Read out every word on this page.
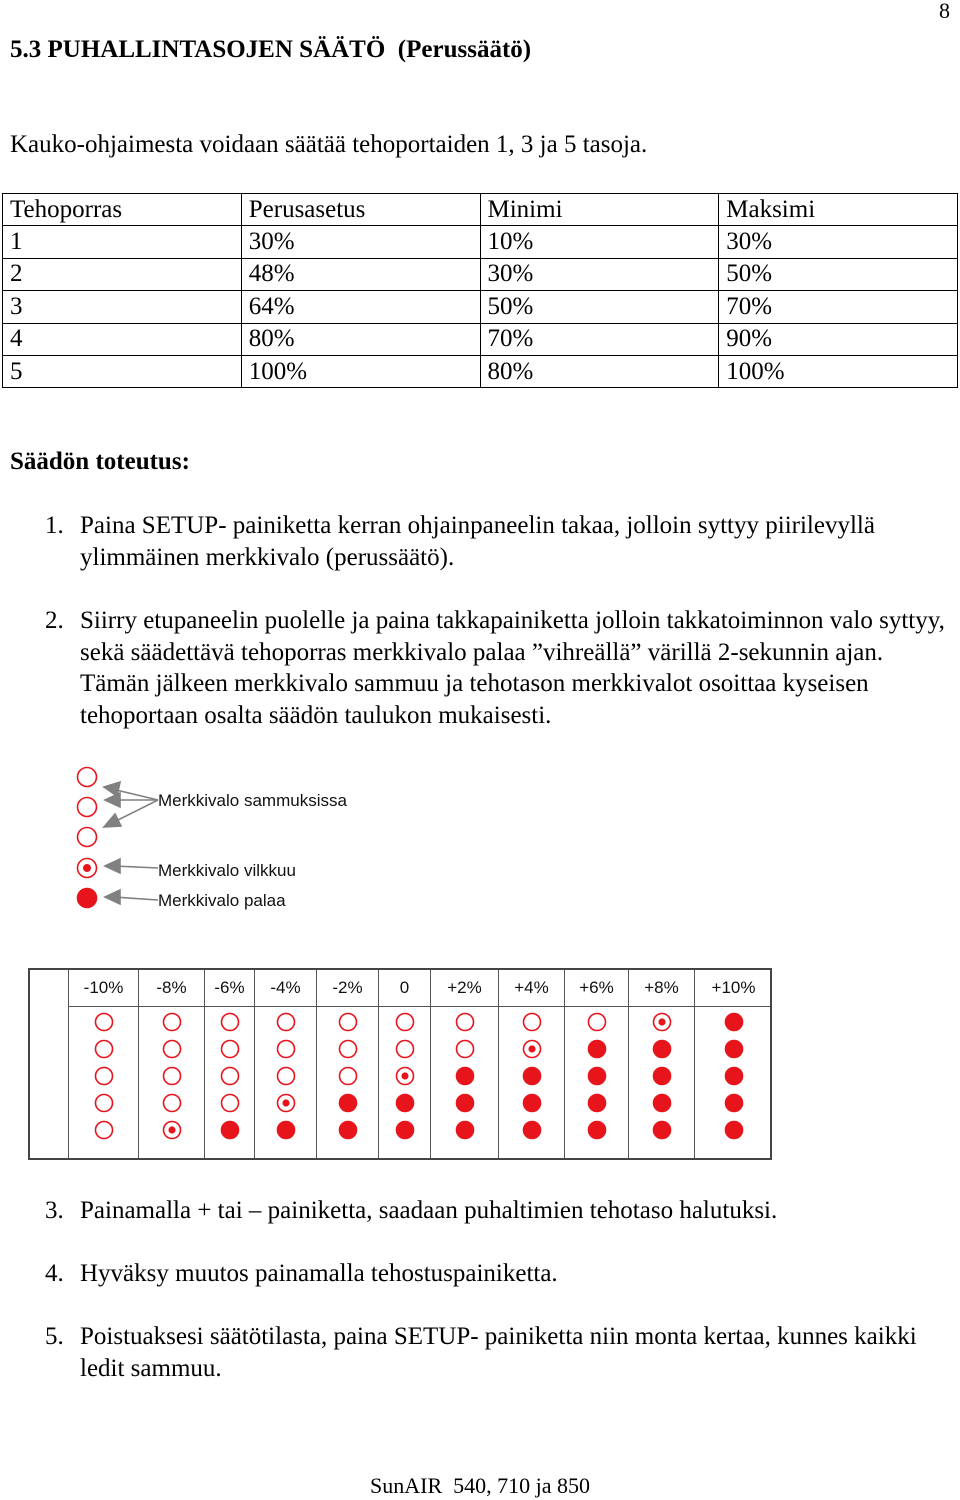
8
5.3 PUHALLINTASOJEN SÄÄTÖ  (Perussäätö)
Kauko-ohjaimesta voidaan säätää tehoportaiden 1, 3 ja 5 tasoja.
Tehoporras	Perusasetus	Minimi	Maksimi
1	30%	10%	30%
2	48%	30%	50%
3	64%	50%	70%
4	80%	70%	90%
5	100%	80%	100%
Säädön toteutus:
1. Paina SETUP- painiketta kerran ohjainpaneelin takaa, jolloin syttyy piirilevyllä ylimmäinen merkkivalo (perussäätö).
2. Siirry etupaneelin puolelle ja paina takkapainiketta jolloin takkatoiminnon valo syttyy, sekä säädettävä tehoporras merkkivalo palaa ”vihreällä” värillä 2-sekunnin ajan. Tämän jälkeen merkkivalo sammuu ja tehotason merkkivalot osoittaa kyseisen tehoportaan osalta säädön taulukon mukaisesti.
Merkkivalo sammuksissa
Merkkivalo vilkkuu
Merkkivalo palaa
-10%	-8%	-6%	-4%	-2%	0	+2%	+4%	+6%	+8%	+10%
3. Painamalla + tai – painiketta, saadaan puhaltimien tehotaso halutuksi.
4. Hyväksy muutos painamalla tehostuspainiketta.
5. Poistuaksesi säätötilasta, paina SETUP- painiketta niin monta kertaa, kunnes kaikki ledit sammuu.
SunAIR  540, 710 ja 850
